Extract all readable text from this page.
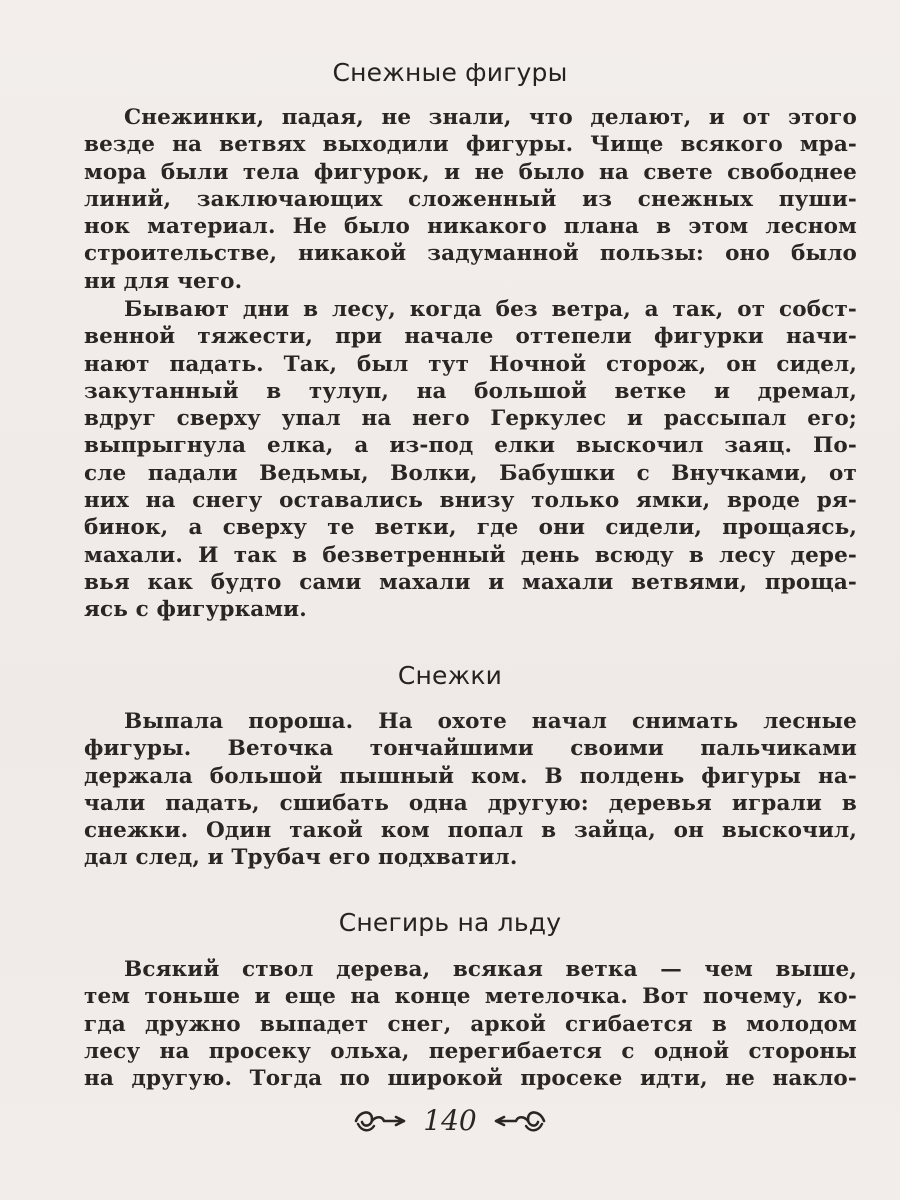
Снежные фигуры
Снежинки, падая, не знали, что делают, и от этого
везде на ветвях выходили фигуры. Чище всякого мра-
мора были тела фигурок, и не было на свете свободнее
линий, заключающих сложенный из снежных пуши-
нок материал. Не было никакого плана в этом лесном
строительстве, никакой задуманной пользы: оно было
ни для чего.
Бывают дни в лесу, когда без ветра, а так, от собст-
венной тяжести, при начале оттепели фигурки начи-
нают падать. Так, был тут Ночной сторож, он сидел,
закутанный в тулуп, на большой ветке и дремал,
вдруг сверху упал на него Геркулес и рассыпал его;
выпрыгнула елка, а из-под елки выскочил заяц. По-
сле падали Ведьмы, Волки, Бабушки с Внучками, от
них на снегу оставались внизу только ямки, вроде ря-
бинок, а сверху те ветки, где они сидели, прощаясь,
махали. И так в безветренный день всюду в лесу дере-
вья как будто сами махали и махали ветвями, проща-
ясь с фигурками.
Снежки
Выпала пороша. На охоте начал снимать лесные
фигуры. Веточка тончайшими своими пальчиками
держала большой пышный ком. В полдень фигуры на-
чали падать, сшибать одна другую: деревья играли в
снежки. Один такой ком попал в зайца, он выскочил,
дал след, и Трубач его подхватил.
Снегирь на льду
Всякий ствол дерева, всякая ветка — чем выше,
тем тоньше и еще на конце метелочка. Вот почему, ко-
гда дружно выпадет снег, аркой сгибается в молодом
лесу на просеку ольха, перегибается с одной стороны
на другую. Тогда по широкой просеке идти, не накло-
140
